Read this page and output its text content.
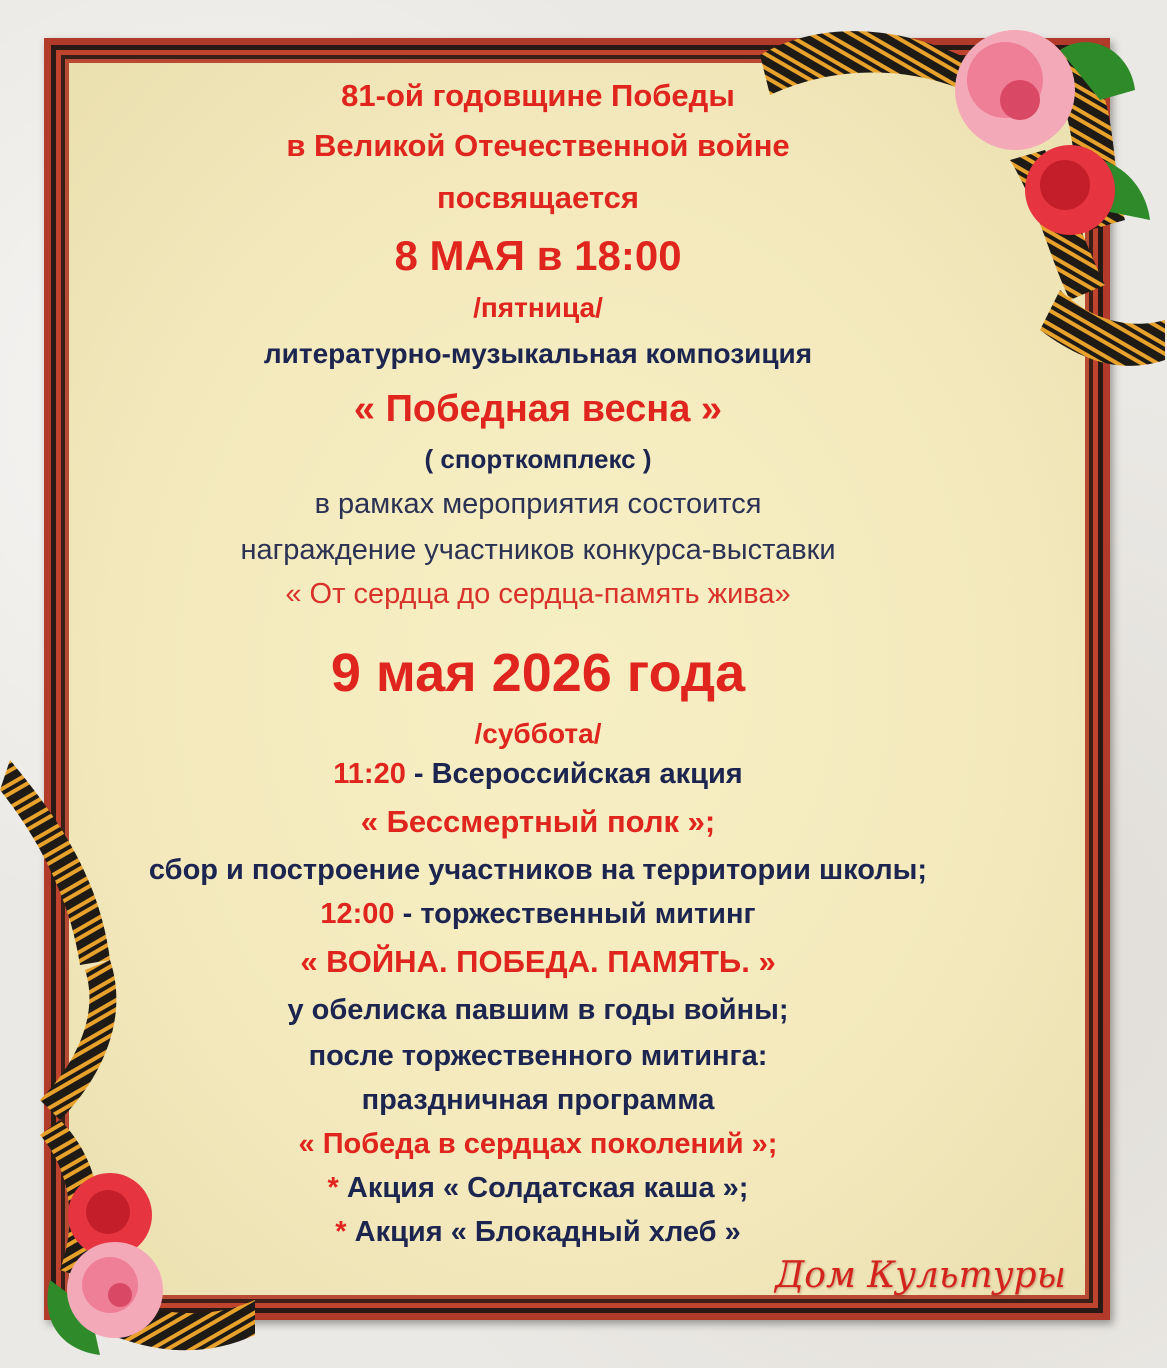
81-ой годовщине Победы
в Великой Отечественной войне
посвящается
8 МАЯ в 18:00
/пятница/
литературно-музыкальная композиция
« Победная весна »
( спорткомплекс )
в рамках мероприятия состоится
награждение участников конкурса-выставки
« От сердца до сердца-память жива»
9 мая 2026 года
/суббота/
11:20 - Всероссийская акция
« Бессмертный полк »;
сбор и построение участников на территории школы;
12:00 - торжественный митинг
« ВОЙНА. ПОБЕДА. ПАМЯТЬ. »
у обелиска павшим в годы войны;
после торжественного митинга:
праздничная программа
« Победа в сердцах поколений »;
* Акция « Солдатская каша »;
* Акция « Блокадный хлеб »
Дом Культуры
